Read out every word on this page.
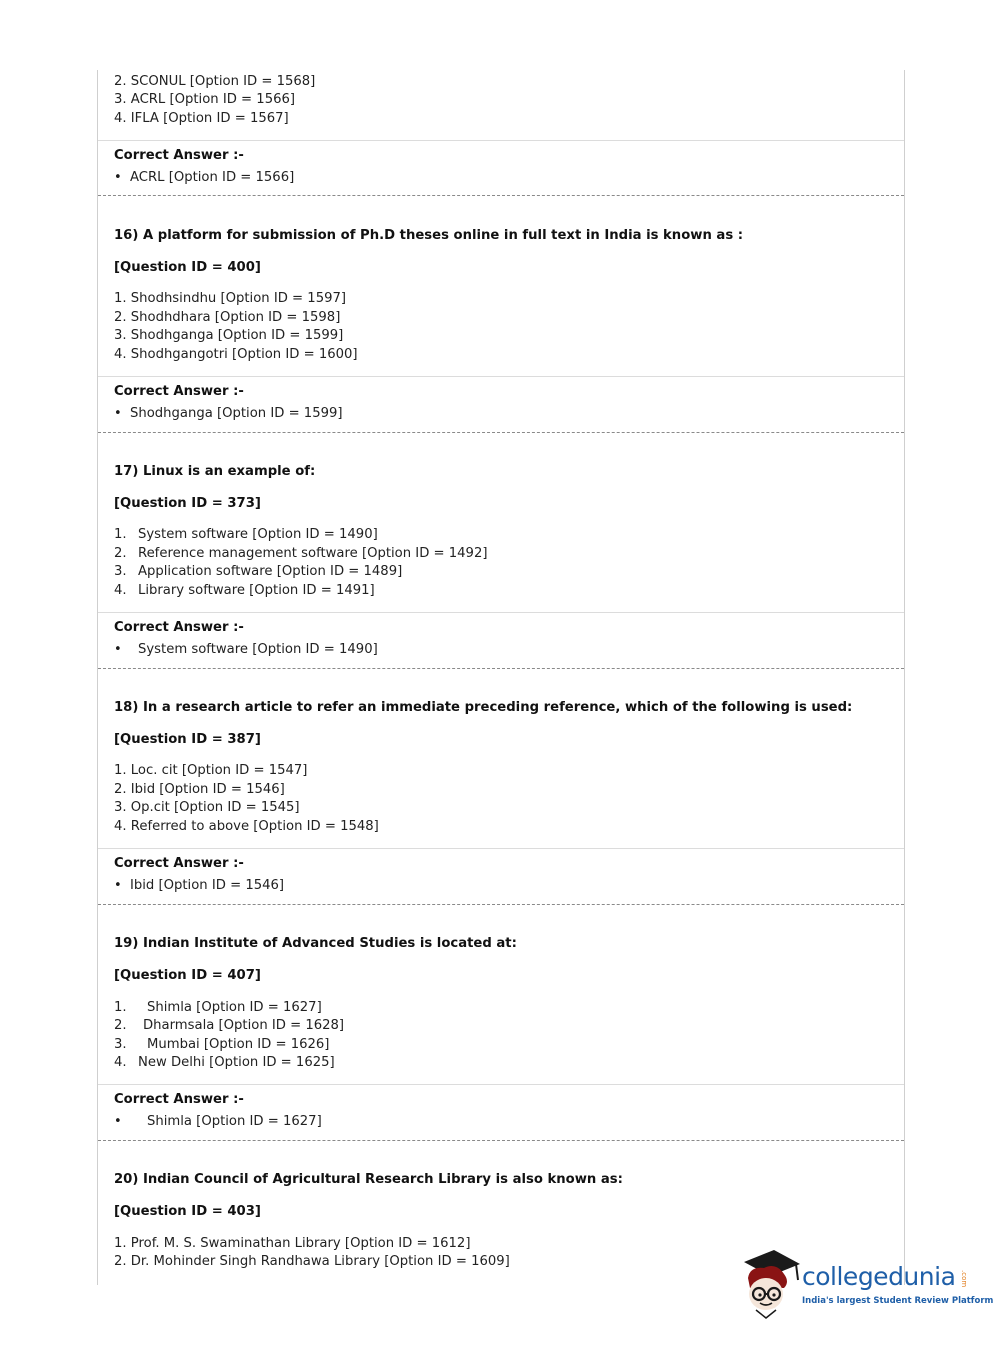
2. SCONUL [Option ID = 1568]
3. ACRL [Option ID = 1566]
4. IFLA [Option ID = 1567]
Correct Answer :-
• ACRL [Option ID = 1566]
16) A platform for submission of Ph.D theses online in full text in India is known as :
[Question ID = 400]
1. Shodhsindhu [Option ID = 1597]
2. Shodhdhara [Option ID = 1598]
3. Shodhganga [Option ID = 1599]
4. Shodhgangotri [Option ID = 1600]
Correct Answer :-
• Shodhganga [Option ID = 1599]
17) Linux is an example of:
[Question ID = 373]
1. System software [Option ID = 1490]
2. Reference management software [Option ID = 1492]
3. Application software [Option ID = 1489]
4. Library software [Option ID = 1491]
Correct Answer :-
• System software [Option ID = 1490]
18) In a research article to refer an immediate preceding reference, which of the following is used:
[Question ID = 387]
1. Loc. cit [Option ID = 1547]
2. Ibid [Option ID = 1546]
3. Op.cit [Option ID = 1545]
4. Referred to above [Option ID = 1548]
Correct Answer :-
• Ibid [Option ID = 1546]
19) Indian Institute of Advanced Studies is located at:
[Question ID = 407]
1. Shimla [Option ID = 1627]
2. Dharmsala [Option ID = 1628]
3. Mumbai [Option ID = 1626]
4. New Delhi [Option ID = 1625]
Correct Answer :-
• Shimla [Option ID = 1627]
20) Indian Council of Agricultural Research Library is also known as:
[Question ID = 403]
1. Prof. M. S. Swaminathan Library [Option ID = 1612]
2. Dr. Mohinder Singh Randhawa Library [Option ID = 1609]
collegedunia .com
India's largest Student Review Platform
